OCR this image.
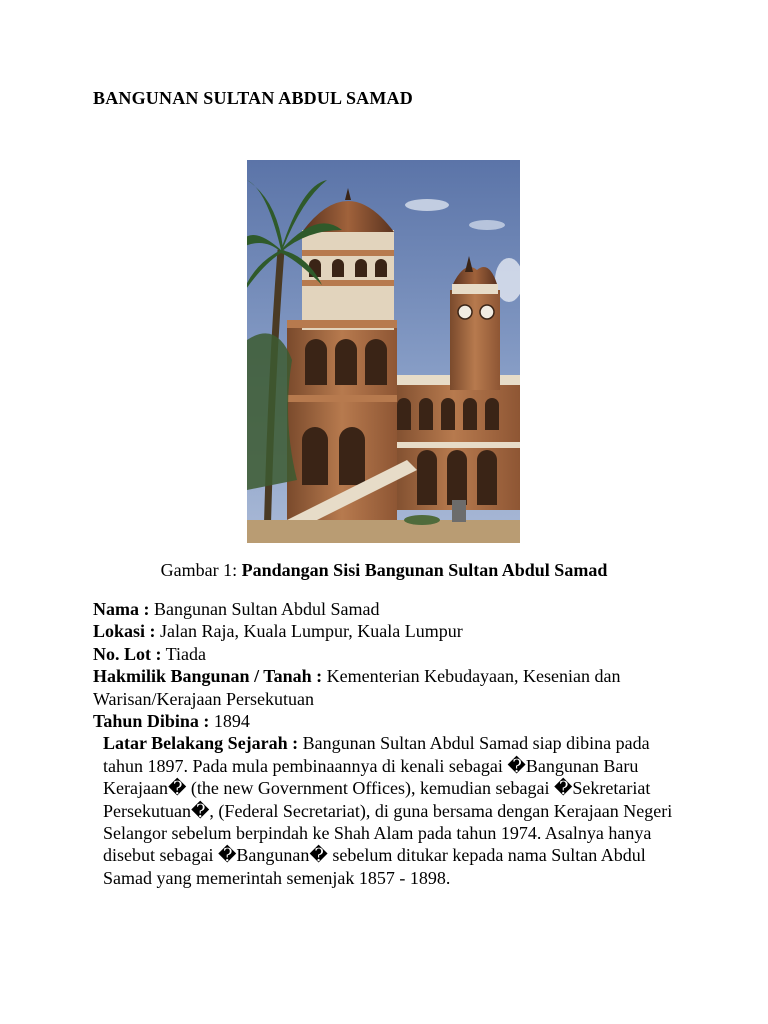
BANGUNAN SULTAN ABDUL SAMAD

Gambar 1: Pandangan Sisi Bangunan Sultan Abdul Samad

Nama : Bangunan Sultan Abdul Samad

Lokasi : Jalan Raja, Kuala Lumpur, Kuala Lumpur

No. Lot : Tiada

Hakmilik Bangunan / Tanah : Kementerian Kebudayaan, Kesenian dan Warisan/Kerajaan Persekutuan

Tahun Dibina : 1894

Latar Belakang Sejarah : Bangunan Sultan Abdul Samad siap dibina pada tahun 1897. Pada mula pembinaannya di kenali sebagai �Bangunan Baru Kerajaan� (the new Government Offices), kemudian sebagai �Sekretariat Persekutuan�, (Federal Secretariat), di guna bersama dengan Kerajaan Negeri Selangor sebelum berpindah ke Shah Alam pada tahun 1974. Asalnya hanya disebut sebagai �Bangunan� sebelum ditukar kepada nama Sultan Abdul Samad yang memerintah semenjak 1857 - 1898.
